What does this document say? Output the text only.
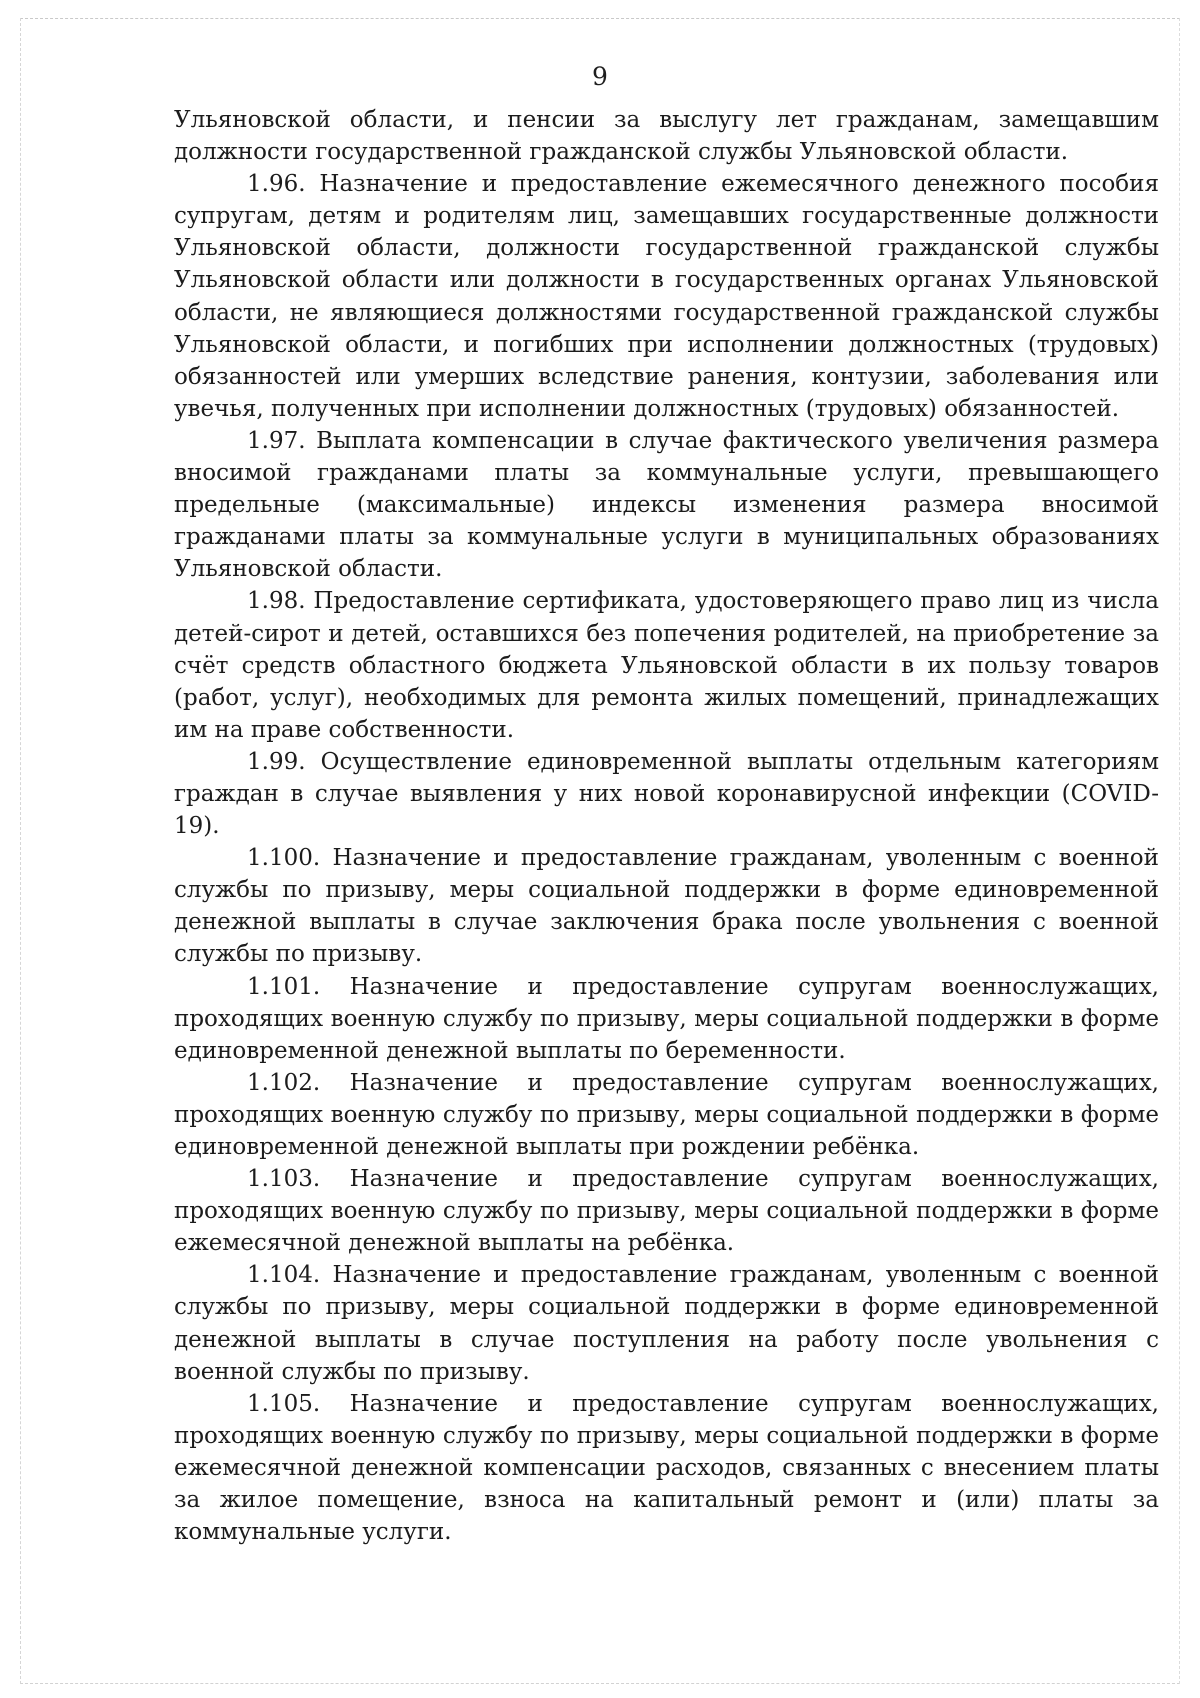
9

Ульяновской области, и пенсии за выслугу лет гражданам, замещавшим должности государственной гражданской службы Ульяновской области.

1.96. Назначение и предоставление ежемесячного денежного пособия супругам, детям и родителям лиц, замещавших государственные должности Ульяновской области, должности государственной гражданской службы Ульяновской области или должности в государственных органах Ульяновской области, не являющиеся должностями государственной гражданской службы Ульяновской области, и погибших при исполнении должностных (трудовых) обязанностей или умерших вследствие ранения, контузии, заболевания или увечья, полученных при исполнении должностных (трудовых) обязанностей.

1.97. Выплата компенсации в случае фактического увеличения размера вносимой гражданами платы за коммунальные услуги, превышающего предельные (максимальные) индексы изменения размера вносимой гражданами платы за коммунальные услуги в муниципальных образованиях Ульяновской области.

1.98. Предоставление сертификата, удостоверяющего право лиц из числа детей-сирот и детей, оставшихся без попечения родителей, на приобретение за счёт средств областного бюджета Ульяновской области в их пользу товаров (работ, услуг), необходимых для ремонта жилых помещений, принадлежащих им на праве собственности.

1.99. Осуществление единовременной выплаты отдельным категориям граждан в случае выявления у них новой коронавирусной инфекции (COVID-19).

1.100. Назначение и предоставление гражданам, уволенным с военной службы по призыву, меры социальной поддержки в форме единовременной денежной выплаты в случае заключения брака после увольнения с военной службы по призыву.

1.101. Назначение и предоставление супругам военнослужащих, проходящих военную службу по призыву, меры социальной поддержки в форме единовременной денежной выплаты по беременности.

1.102. Назначение и предоставление супругам военнослужащих, проходящих военную службу по призыву, меры социальной поддержки в форме единовременной денежной выплаты при рождении ребёнка.

1.103. Назначение и предоставление супругам военнослужащих, проходящих военную службу по призыву, меры социальной поддержки в форме ежемесячной денежной выплаты на ребёнка.

1.104. Назначение и предоставление гражданам, уволенным с военной службы по призыву, меры социальной поддержки в форме единовременной денежной выплаты в случае поступления на работу после увольнения с военной службы по призыву.

1.105. Назначение и предоставление супругам военнослужащих, проходящих военную службу по призыву, меры социальной поддержки в форме ежемесячной денежной компенсации расходов, связанных с внесением платы за жилое помещение, взноса на капитальный ремонт и (или) платы за коммунальные услуги.
